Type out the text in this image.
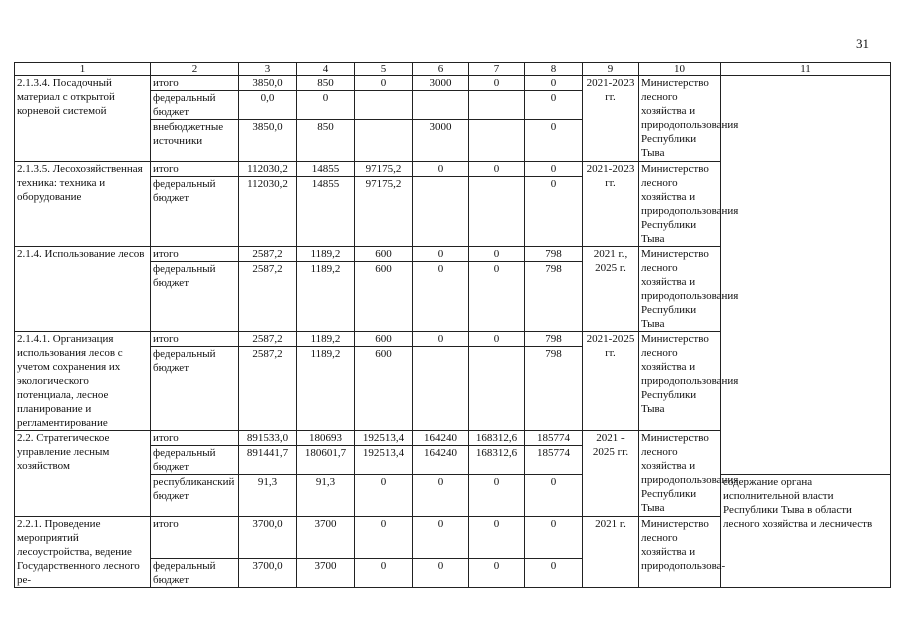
31
1	2	3	4	5	6	7	8	9	10	11
2.1.3.4. Посадочный материал с открытой корневой системой	итого	3850,0	850	0	3000	0	0	2021-2023 гг.	Министерство лесного хозяйства и природопользования Республики Тыва	
	федеральный бюджет	0,0	0				0			
	внебюджетные источники	3850,0	850		3000		0			
2.1.3.5. Лесохозяйственная техника: техника и оборудование	итого	112030,2	14855	97175,2	0	0	0	2021-2023 гг.	Министерство лесного хозяйства и природопользования Республики Тыва	
	федеральный бюджет	112030,2	14855	97175,2			0			
2.1.4. Использование лесов	итого	2587,2	1189,2	600	0	0	798	2021 г., 2025 г.	Министерство лесного хозяйства и природопользования Республики Тыва	
	федеральный бюджет	2587,2	1189,2	600	0	0	798			
2.1.4.1. Организация использования лесов с учетом сохранения их экологического потенциала, лесное планирование и регламентирование	итого	2587,2	1189,2	600	0	0	798	2021-2025 гг.	Министерство лесного хозяйства и природопользования Республики Тыва	
	федеральный бюджет	2587,2	1189,2	600			798			
2.2. Стратегическое управление лесным хозяйством	итого	891533,0	180693	192513,4	164240	168312,6	185774	2021 - 2025 гг.	Министерство лесного хозяйства и природопользования Республики Тыва	
	федеральный бюджет	891441,7	180601,7	192513,4	164240	168312,6	185774			
	республиканский бюджет	91,3	91,3	0	0	0	0			содержание органа исполнительной власти Республики Тыва в области лесного хозяйства и лесничеств
2.2.1. Проведение мероприятий лесоустройства, ведение Государственного лесного ре-	итого	3700,0	3700	0	0	0	0	2021 г.	Министерство лесного хозяйства и природопользова-	
	федеральный бюджет	3700,0	3700	0	0	0	0			
